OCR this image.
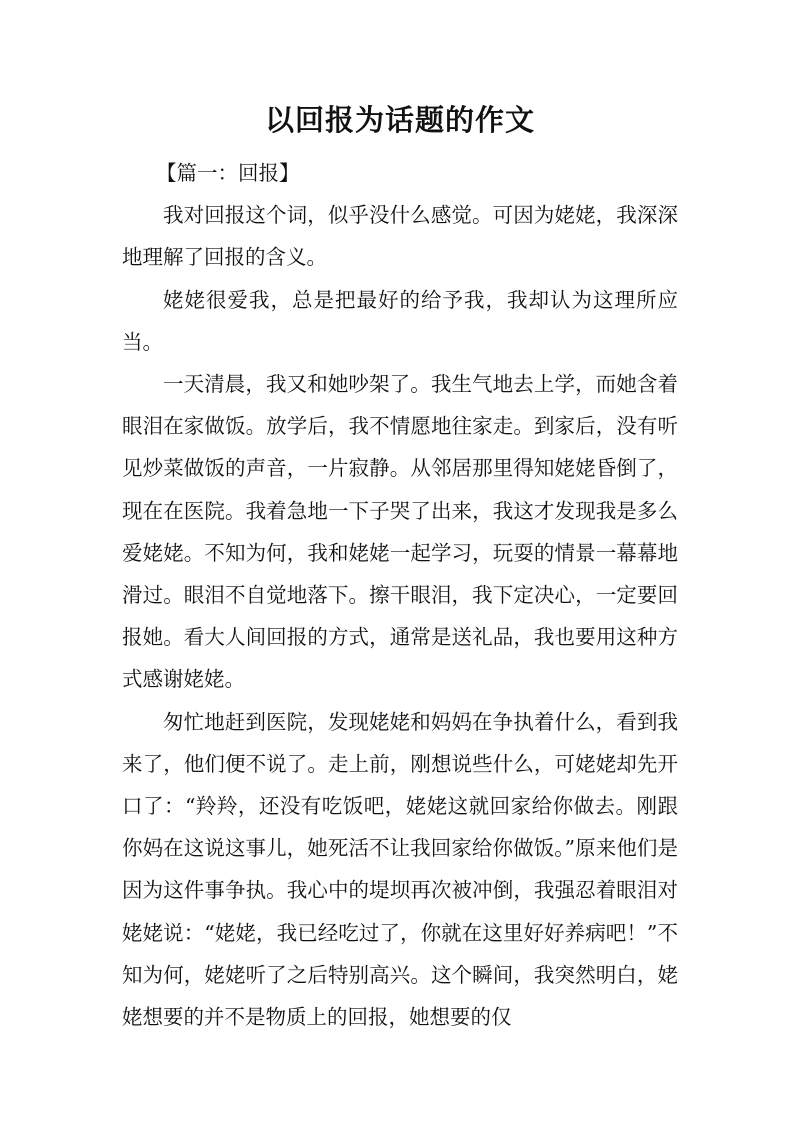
以回报为话题的作文

【篇一：回报】

我对回报这个词，似乎没什么感觉。可因为姥姥，我深深地理解了回报的含义。

姥姥很爱我，总是把最好的给予我，我却认为这理所应当。

一天清晨，我又和她吵架了。我生气地去上学，而她含着眼泪在家做饭。放学后，我不情愿地往家走。到家后，没有听见炒菜做饭的声音，一片寂静。从邻居那里得知姥姥昏倒了，现在在医院。我着急地一下子哭了出来，我这才发现我是多么爱姥姥。不知为何，我和姥姥一起学习，玩耍的情景一幕幕地滑过。眼泪不自觉地落下。擦干眼泪，我下定决心，一定要回报她。看大人间回报的方式，通常是送礼品，我也要用这种方式感谢姥姥。

匆忙地赶到医院，发现姥姥和妈妈在争执着什么，看到我来了，他们便不说了。走上前，刚想说些什么，可姥姥却先开口了：“羚羚，还没有吃饭吧，姥姥这就回家给你做去。刚跟你妈在这说这事儿，她死活不让我回家给你做饭。”原来他们是因为这件事争执。我心中的堤坝再次被冲倒，我强忍着眼泪对姥姥说：“姥姥，我已经吃过了，你就在这里好好养病吧！”不知为何，姥姥听了之后特别高兴。这个瞬间，我突然明白，姥姥想要的并不是物质上的回报，她想要的仅
